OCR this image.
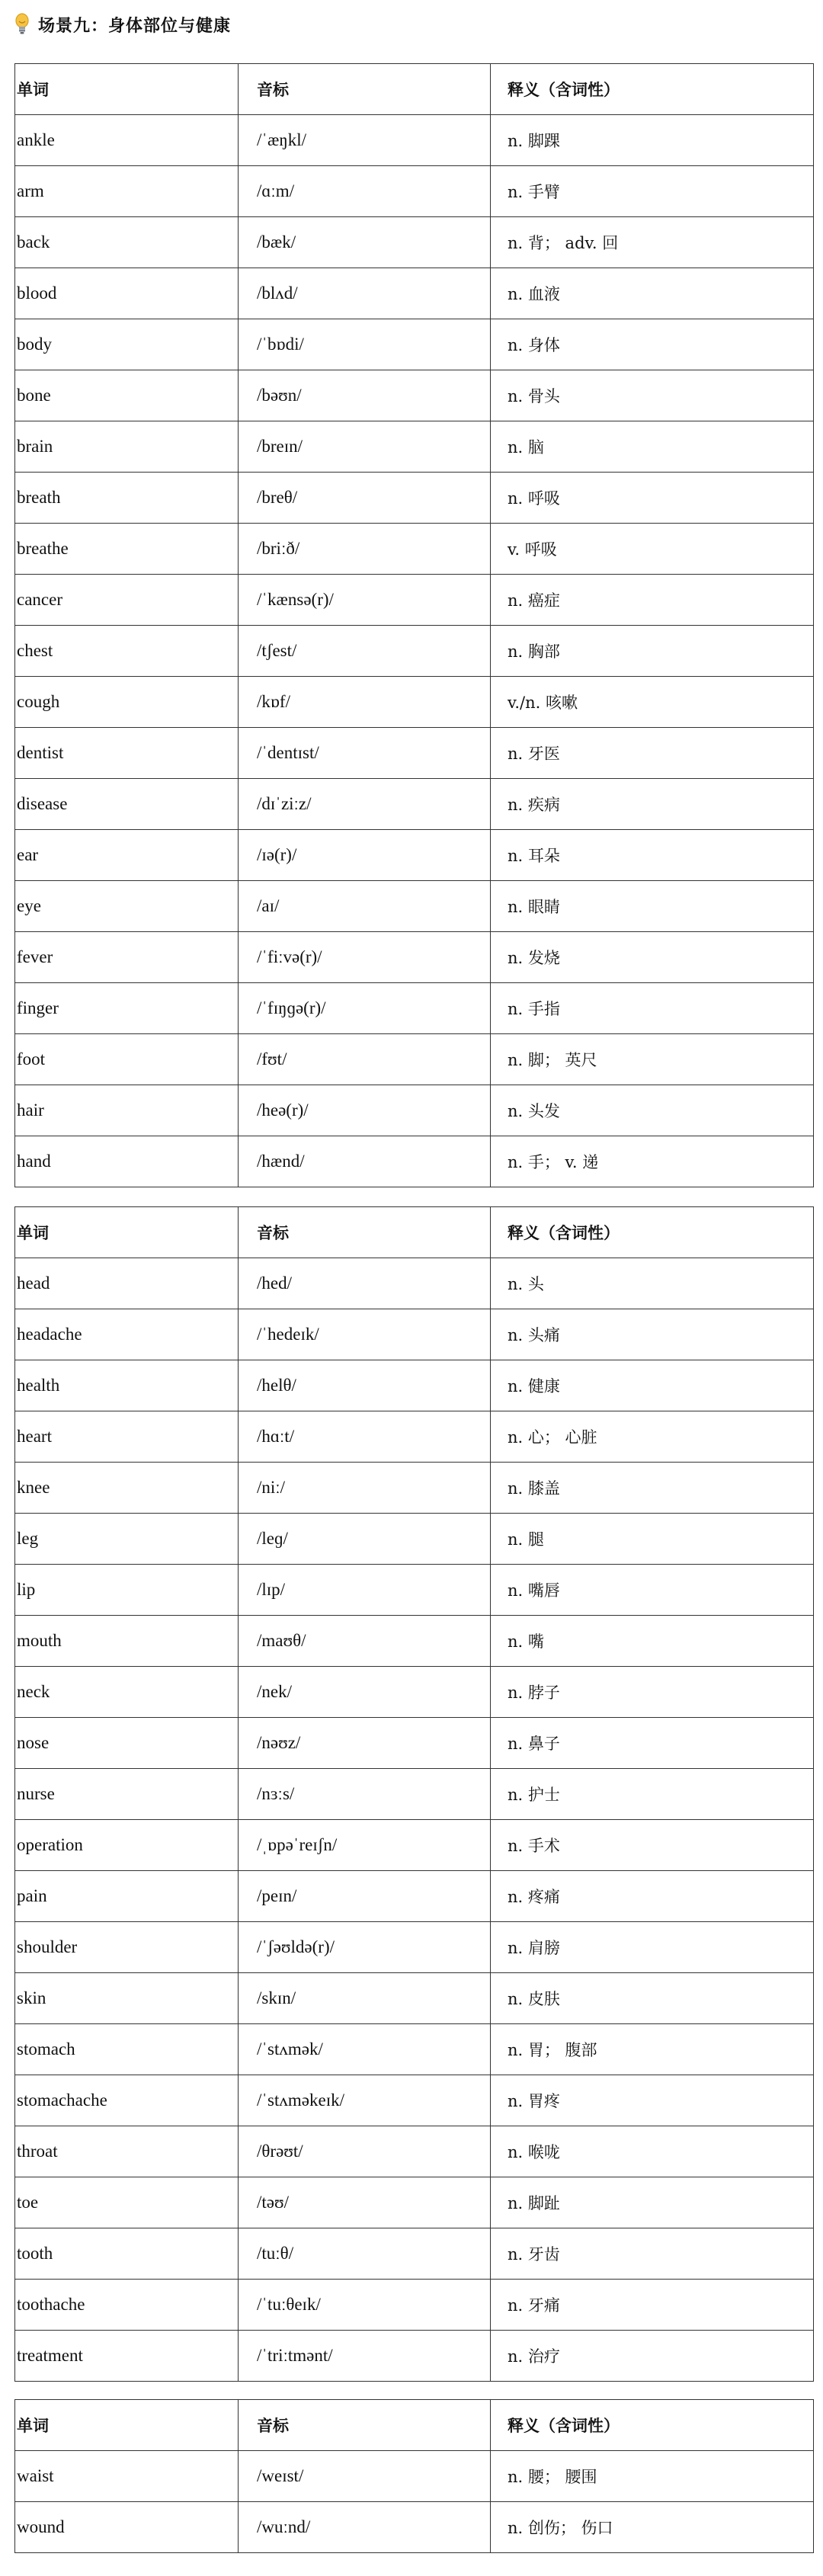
场景九：身体部位与健康
单词	音标	释义（含词性）
ankle	/ˈæŋkl/	n. 脚踝
arm	/ɑːm/	n. 手臂
back	/bæk/	n. 背； adv. 回
blood	/blʌd/	n. 血液
body	/ˈbɒdi/	n. 身体
bone	/bəʊn/	n. 骨头
brain	/breɪn/	n. 脑
breath	/breθ/	n. 呼吸
breathe	/briːð/	v. 呼吸
cancer	/ˈkænsə(r)/	n. 癌症
chest	/tʃest/	n. 胸部
cough	/kɒf/	v./n. 咳嗽
dentist	/ˈdentɪst/	n. 牙医
disease	/dɪˈziːz/	n. 疾病
ear	/ɪə(r)/	n. 耳朵
eye	/aɪ/	n. 眼睛
fever	/ˈfiːvə(r)/	n. 发烧
finger	/ˈfɪŋɡə(r)/	n. 手指
foot	/fʊt/	n. 脚； 英尺
hair	/heə(r)/	n. 头发
hand	/hænd/	n. 手； v. 递
单词	音标	释义（含词性）
head	/hed/	n. 头
headache	/ˈhedeɪk/	n. 头痛
health	/helθ/	n. 健康
heart	/hɑːt/	n. 心； 心脏
knee	/niː/	n. 膝盖
leg	/leɡ/	n. 腿
lip	/lɪp/	n. 嘴唇
mouth	/maʊθ/	n. 嘴
neck	/nek/	n. 脖子
nose	/nəʊz/	n. 鼻子
nurse	/nɜːs/	n. 护士
operation	/ˌɒpəˈreɪʃn/	n. 手术
pain	/peɪn/	n. 疼痛
shoulder	/ˈʃəʊldə(r)/	n. 肩膀
skin	/skɪn/	n. 皮肤
stomach	/ˈstʌmək/	n. 胃； 腹部
stomachache	/ˈstʌməkeɪk/	n. 胃疼
throat	/θrəʊt/	n. 喉咙
toe	/təʊ/	n. 脚趾
tooth	/tuːθ/	n. 牙齿
toothache	/ˈtuːθeɪk/	n. 牙痛
treatment	/ˈtriːtmənt/	n. 治疗
单词	音标	释义（含词性）
waist	/weɪst/	n. 腰； 腰围
wound	/wuːnd/	n. 创伤； 伤口
